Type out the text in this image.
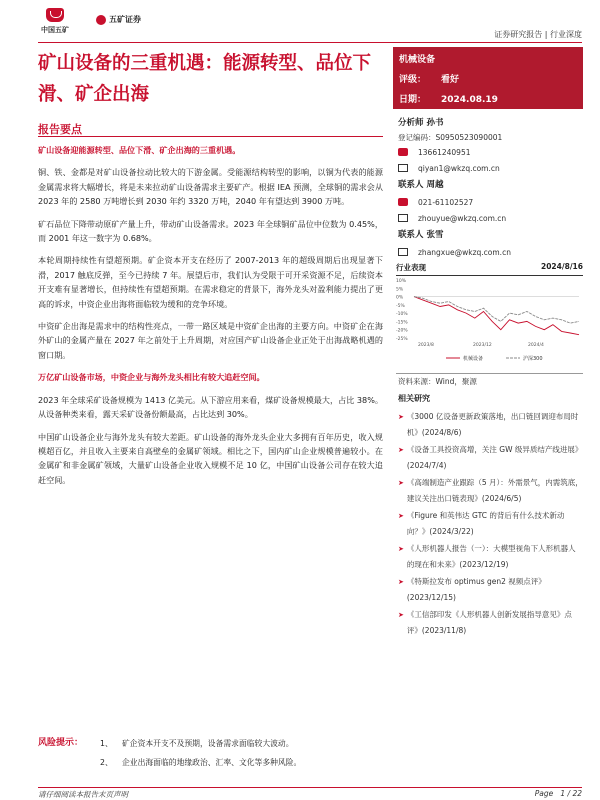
中国五矿
五矿证券
证券研究报告 | 行业深度
矿山设备的三重机遇：能源转型、品位下滑、矿企出海
机械设备
评级：	看好
日期：	2024.08.19
报告要点
矿山设备迎能源转型、品位下滑、矿企出海的三重机遇。
铜、铁、金都是对矿山设备拉动比较大的下游金属。受能源结构转型的影响，以铜为代表的能源金属需求将大幅增长，将是未来拉动矿山设备需求主要矿产。根据 IEA 预测，全球铜的需求会从 2023 年的 2580 万吨增长到 2030 年约 3320 万吨，2040 年有望达到 3900 万吨。
矿石品位下降带动原矿产量上升，带动矿山设备需求。2023 年全球铜矿品位中位数为 0.45%，而 2001 年这一数字为 0.68%。
本轮周期持续性有望超预期。矿企资本开支在经历了 2007-2013 年的超级周期后出现显著下滑，2017 触底反弹，至今已持续 7 年。展望后市，我们认为受限于可开采资源不足，后续资本开支难有显著增长，但持续性有望超预期。在需求稳定的背景下，海外龙头对盈利能力提出了更高的诉求，中资企业出海将面临较为缓和的竞争环境。
中资矿企出海是需求中的结构性亮点，一带一路区域是中资矿企出海的主要方向。中资矿企在海外矿山的金属产量在 2027 年之前处于上升周期，对应国产矿山设备企业正处于出海战略机遇的窗口期。
万亿矿山设备市场，中资企业与海外龙头相比有较大追赶空间。
2023 年全球采矿设备规模为 1413 亿美元。从下游应用来看，煤矿设备规模最大，占比 38%。从设备种类来看，露天采矿设备份额最高，占比达到 30%。
中国矿山设备企业与海外龙头有较大差距。矿山设备的海外龙头企业大多拥有百年历史，收入规模超百亿，并且收入主要来自高壁垒的金属矿领域。相比之下，国内矿山企业规模普遍较小。在金属矿和非金属矿领域，大量矿山设备企业收入规模不足 10 亿，中国矿山设备公司存在较大追赶空间。
分析师 孙书
登记编码：S0950523090001
13661240951
qiyan1@wkzq.com.cn
联系人 周越
021-61102527
zhouyue@wkzq.com.cn
联系人 张雪
zhangxue@wkzq.com.cn
行业表现	2024/8/16
10%
5%
0%
-5%
-10%
-15%
-20%
-25%
2023/8	2023/12	2024/4
机械设备	沪深300
资料来源：Wind，聚源
相关研究
➤ 《3000 亿设备更新政策落地，出口链回调迎布局时机》(2024/8/6)
➤ 《设备工具投资高增，关注 GW 级异质结产线进展》(2024/7/4)
➤ 《高端制造产业跟踪（5 月）：外需景气，内需筑底，建议关注出口链表现》(2024/6/5)
➤ 《Figure 和英伟达 GTC 的背后有什么技术新动向？》(2024/3/22)
➤ 《人形机器人报告（一）：大模型视角下人形机器人的现在和未来》(2023/12/19)
➤ 《特斯拉发布 optimus gen2 视频点评》(2023/12/15)
➤ 《工信部印发《人形机器人创新发展指导意见》点评》(2023/11/8)
风险提示：	1、	矿企资本开支不及预期，设备需求面临较大波动。
2、	企业出海面临的地缘政治、汇率、文化等多种风险。
请仔细阅读本报告末页声明	Page 1 / 22
